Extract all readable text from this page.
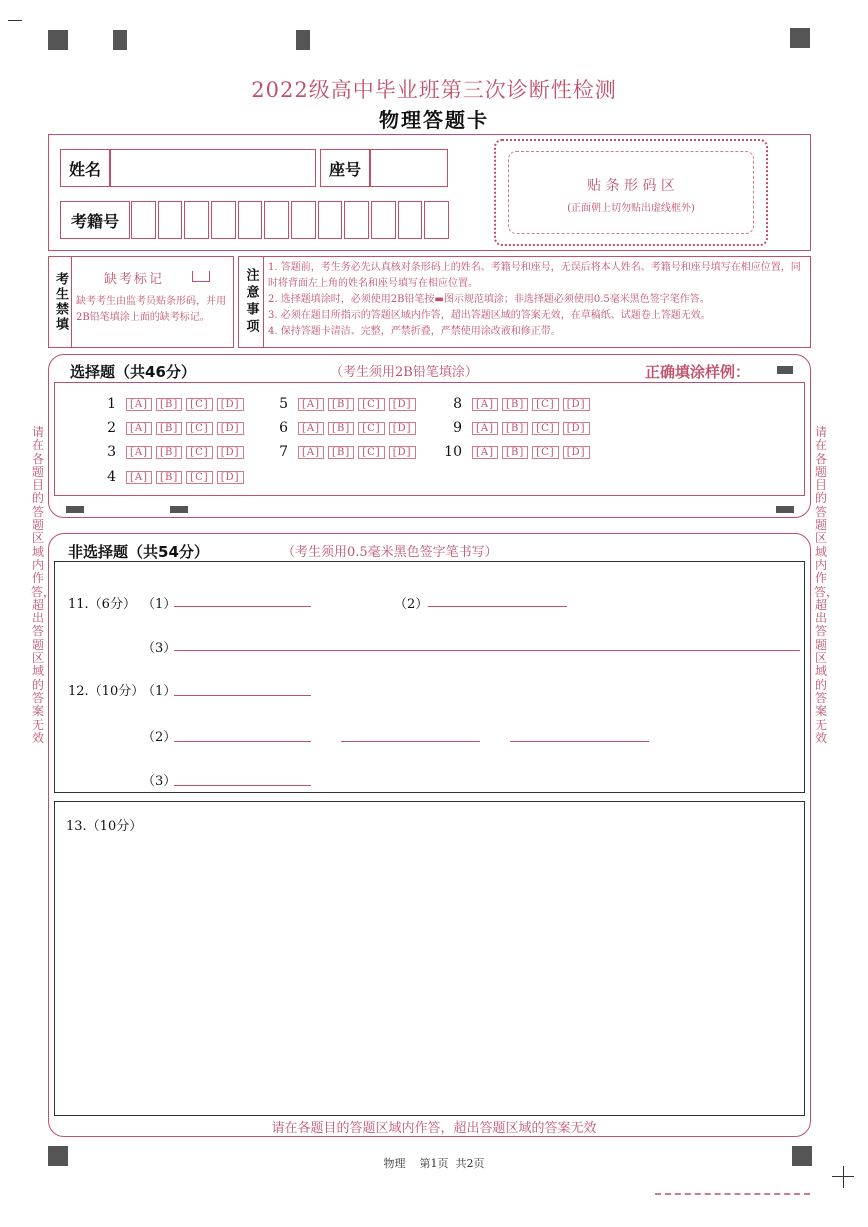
2022级高中毕业班第三次诊断性检测
物理答题卡
姓名	座号
考籍号
贴 条 形 码 区
(正面朝上切勿贴出虚线框外)
考生禁填	缺考标记
缺考考生由监考员贴条形码，并用2B铅笔填涂上面的缺考标记。	注意事项
1. 答题前，考生务必先认真核对条形码上的姓名、考籍号和座号，无误后将本人姓名、考籍号和座号填写在相应位置，同时将背面左上角的姓名和座号填写在相应位置。
2. 选择题填涂时，必须使用2B铅笔按▬图示规范填涂；非选择题必须使用0.5毫米黑色签字笔作答。
3. 必须在题目所指示的答题区域内作答，超出答题区域的答案无效，在草稿纸、试题卷上答题无效。
4. 保持答题卡清洁、完整，严禁折叠，严禁使用涂改液和修正带。
选择题（共46分）	（考生须用2B铅笔填涂）	正确填涂样例：
1	[A] [B] [C] [D]
2	[A] [B] [C] [D]
3	[A] [B] [C] [D]
4	[A] [B] [C] [D]
5	[A] [B] [C] [D]
6	[A] [B] [C] [D]
7	[A] [B] [C] [D]
8	[A] [B] [C] [D]
9	[A] [B] [C] [D]
10	[A] [B] [C] [D]
非选择题（共54分）	（考生须用0.5毫米黑色签字笔书写）
11.（6分） （1）	（2）
（3）
12.（10分）
（1）
（2）
（3）
13.（10分）
请在各题目的答题区域内作答，超出答题区域的答案无效
请在各题目的答题区域内作答，超出答题区域的答案无效
请在各题目的答题区域内作答，超出答题区域的答案无效
物理 第1页 共2页
